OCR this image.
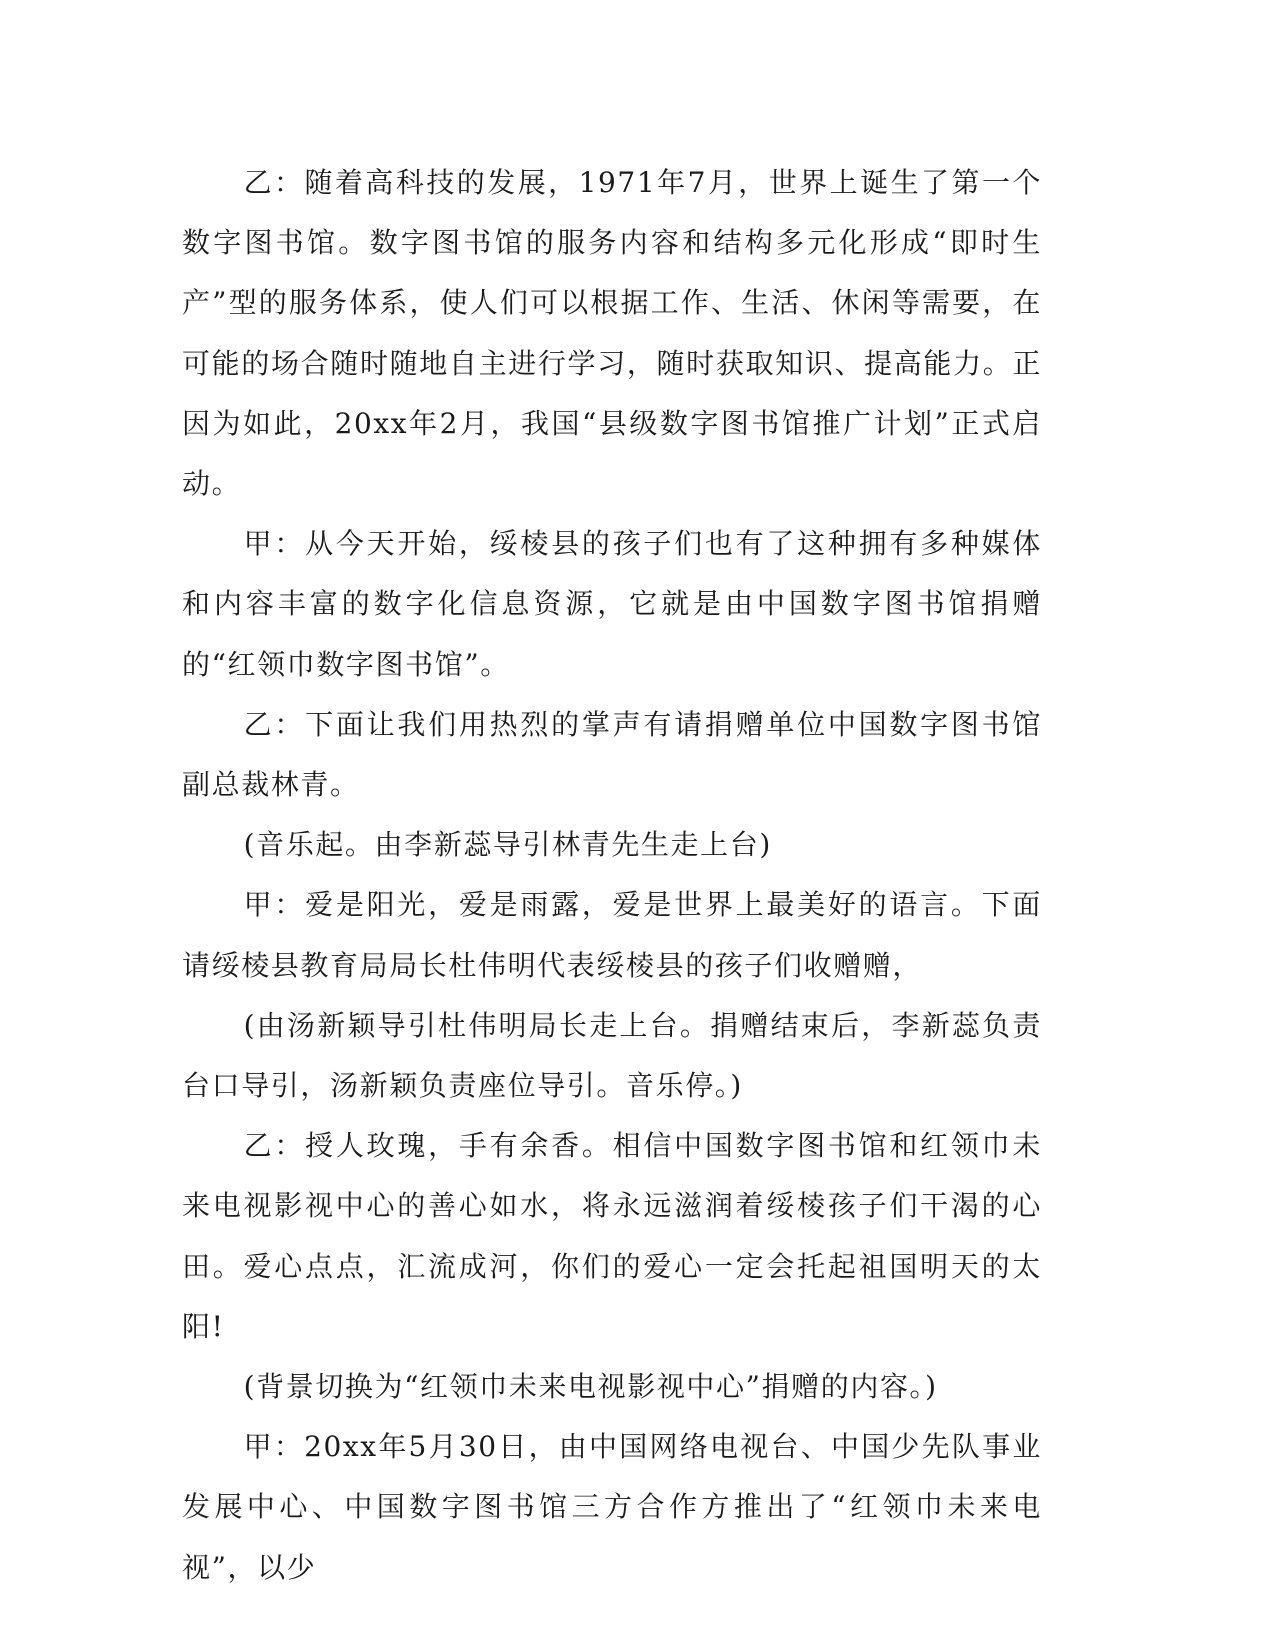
乙：随着高科技的发展，1971年7月，世界上诞生了第一个数字图书馆。数字图书馆的服务内容和结构多元化形成“即时生产”型的服务体系，使人们可以根据工作、生活、休闲等需要，在可能的场合随时随地自主进行学习，随时获取知识、提高能力。正因为如此，20xx年2月，我国“县级数字图书馆推广计划”正式启动。

甲：从今天开始，绥棱县的孩子们也有了这种拥有多种媒体和内容丰富的数字化信息资源，它就是由中国数字图书馆捐赠的“红领巾数字图书馆”。

乙：下面让我们用热烈的掌声有请捐赠单位中国数字图书馆副总裁林青。

(音乐起。由李新蕊导引林青先生走上台)

甲：爱是阳光，爱是雨露，爱是世界上最美好的语言。下面请绥棱县教育局局长杜伟明代表绥棱县的孩子们收赠赠，

(由汤新颖导引杜伟明局长走上台。捐赠结束后，李新蕊负责台口导引，汤新颖负责座位导引。音乐停。)

乙：授人玫瑰，手有余香。相信中国数字图书馆和红领巾未来电视影视中心的善心如水，将永远滋润着绥棱孩子们干渴的心田。爱心点点，汇流成河，你们的爱心一定会托起祖国明天的太阳!

(背景切换为“红领巾未来电视影视中心”捐赠的内容。)

甲：20xx年5月30日，由中国网络电视台、中国少先队事业发展中心、中国数字图书馆三方合作方推出了“红领巾未来电视”，以少
